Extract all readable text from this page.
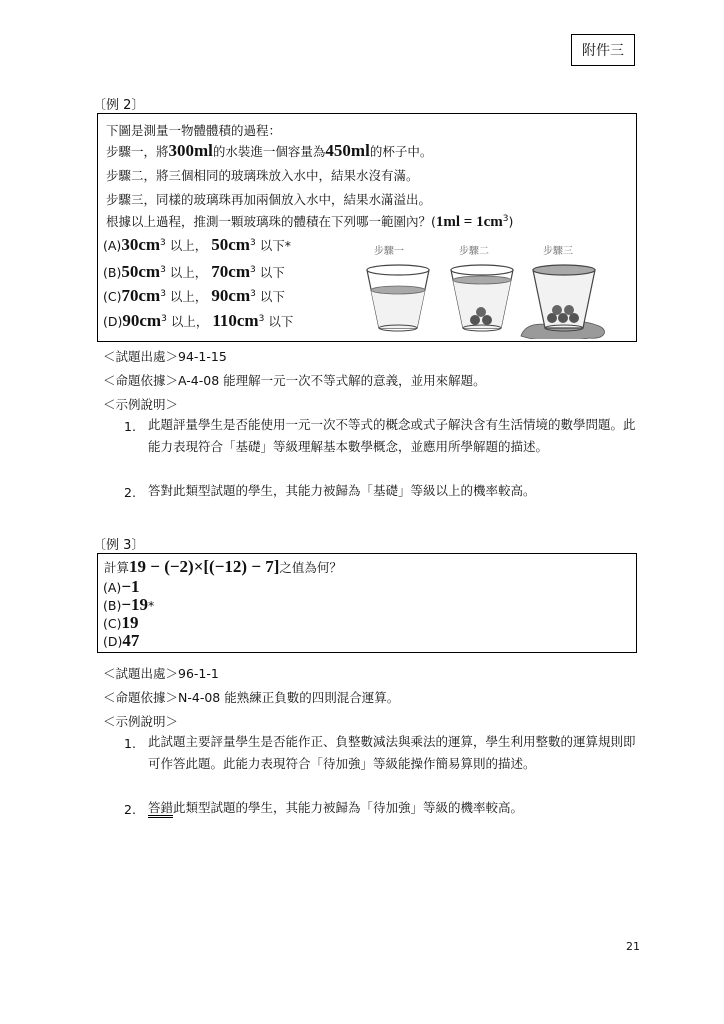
附件三
〔例 2〕
下圖是測量一物體體積的過程：
步驟一，將300ml的水裝進一個容量為450ml的杯子中。
步驟二，將三個相同的玻璃珠放入水中，結果水沒有滿。
步驟三，同樣的玻璃珠再加兩個放入水中，結果水滿溢出。
根據以上過程，推測一顆玻璃珠的體積在下列哪一範圍內？$(1ml = 1cm^3)$
$(A)30cm^3$ 以上， $50cm^3$ 以下*
$(B)50cm^3$ 以上， $70cm^3$ 以下
$(C)70cm^3$ 以上， $90cm^3$ 以下
$(D)90cm^3$ 以上， $110cm^3$ 以下
步驟一	步驟二	步驟三
＜試題出處＞94-1-15
＜命題依據＞A-4-08 能理解一元一次不等式解的意義，並用來解題。
＜示例說明＞
1. 此題評量學生是否能使用一元一次不等式的概念或式子解決含有生活情境的數學問題。此能力表現符合「基礎」等級理解基本數學概念，並應用所學解題的描述。
2. 答對此類型試題的學生，其能力被歸為「基礎」等級以上的機率較高。
〔例 3〕
計算19 − (−2)×[(−12) − 7]之值為何？
(A)−1
(B)−19*
(C)19
(D)47
＜試題出處＞96-1-1
＜命題依據＞N-4-08 能熟練正負數的四則混合運算。
＜示例說明＞
1. 此試題主要評量學生是否能作正、負整數減法與乘法的運算，學生利用整數的運算規則即可作答此題。此能力表現符合「待加強」等級能操作簡易算則的描述。
2. 答錯此類型試題的學生，其能力被歸為「待加強」等級的機率較高。
21
